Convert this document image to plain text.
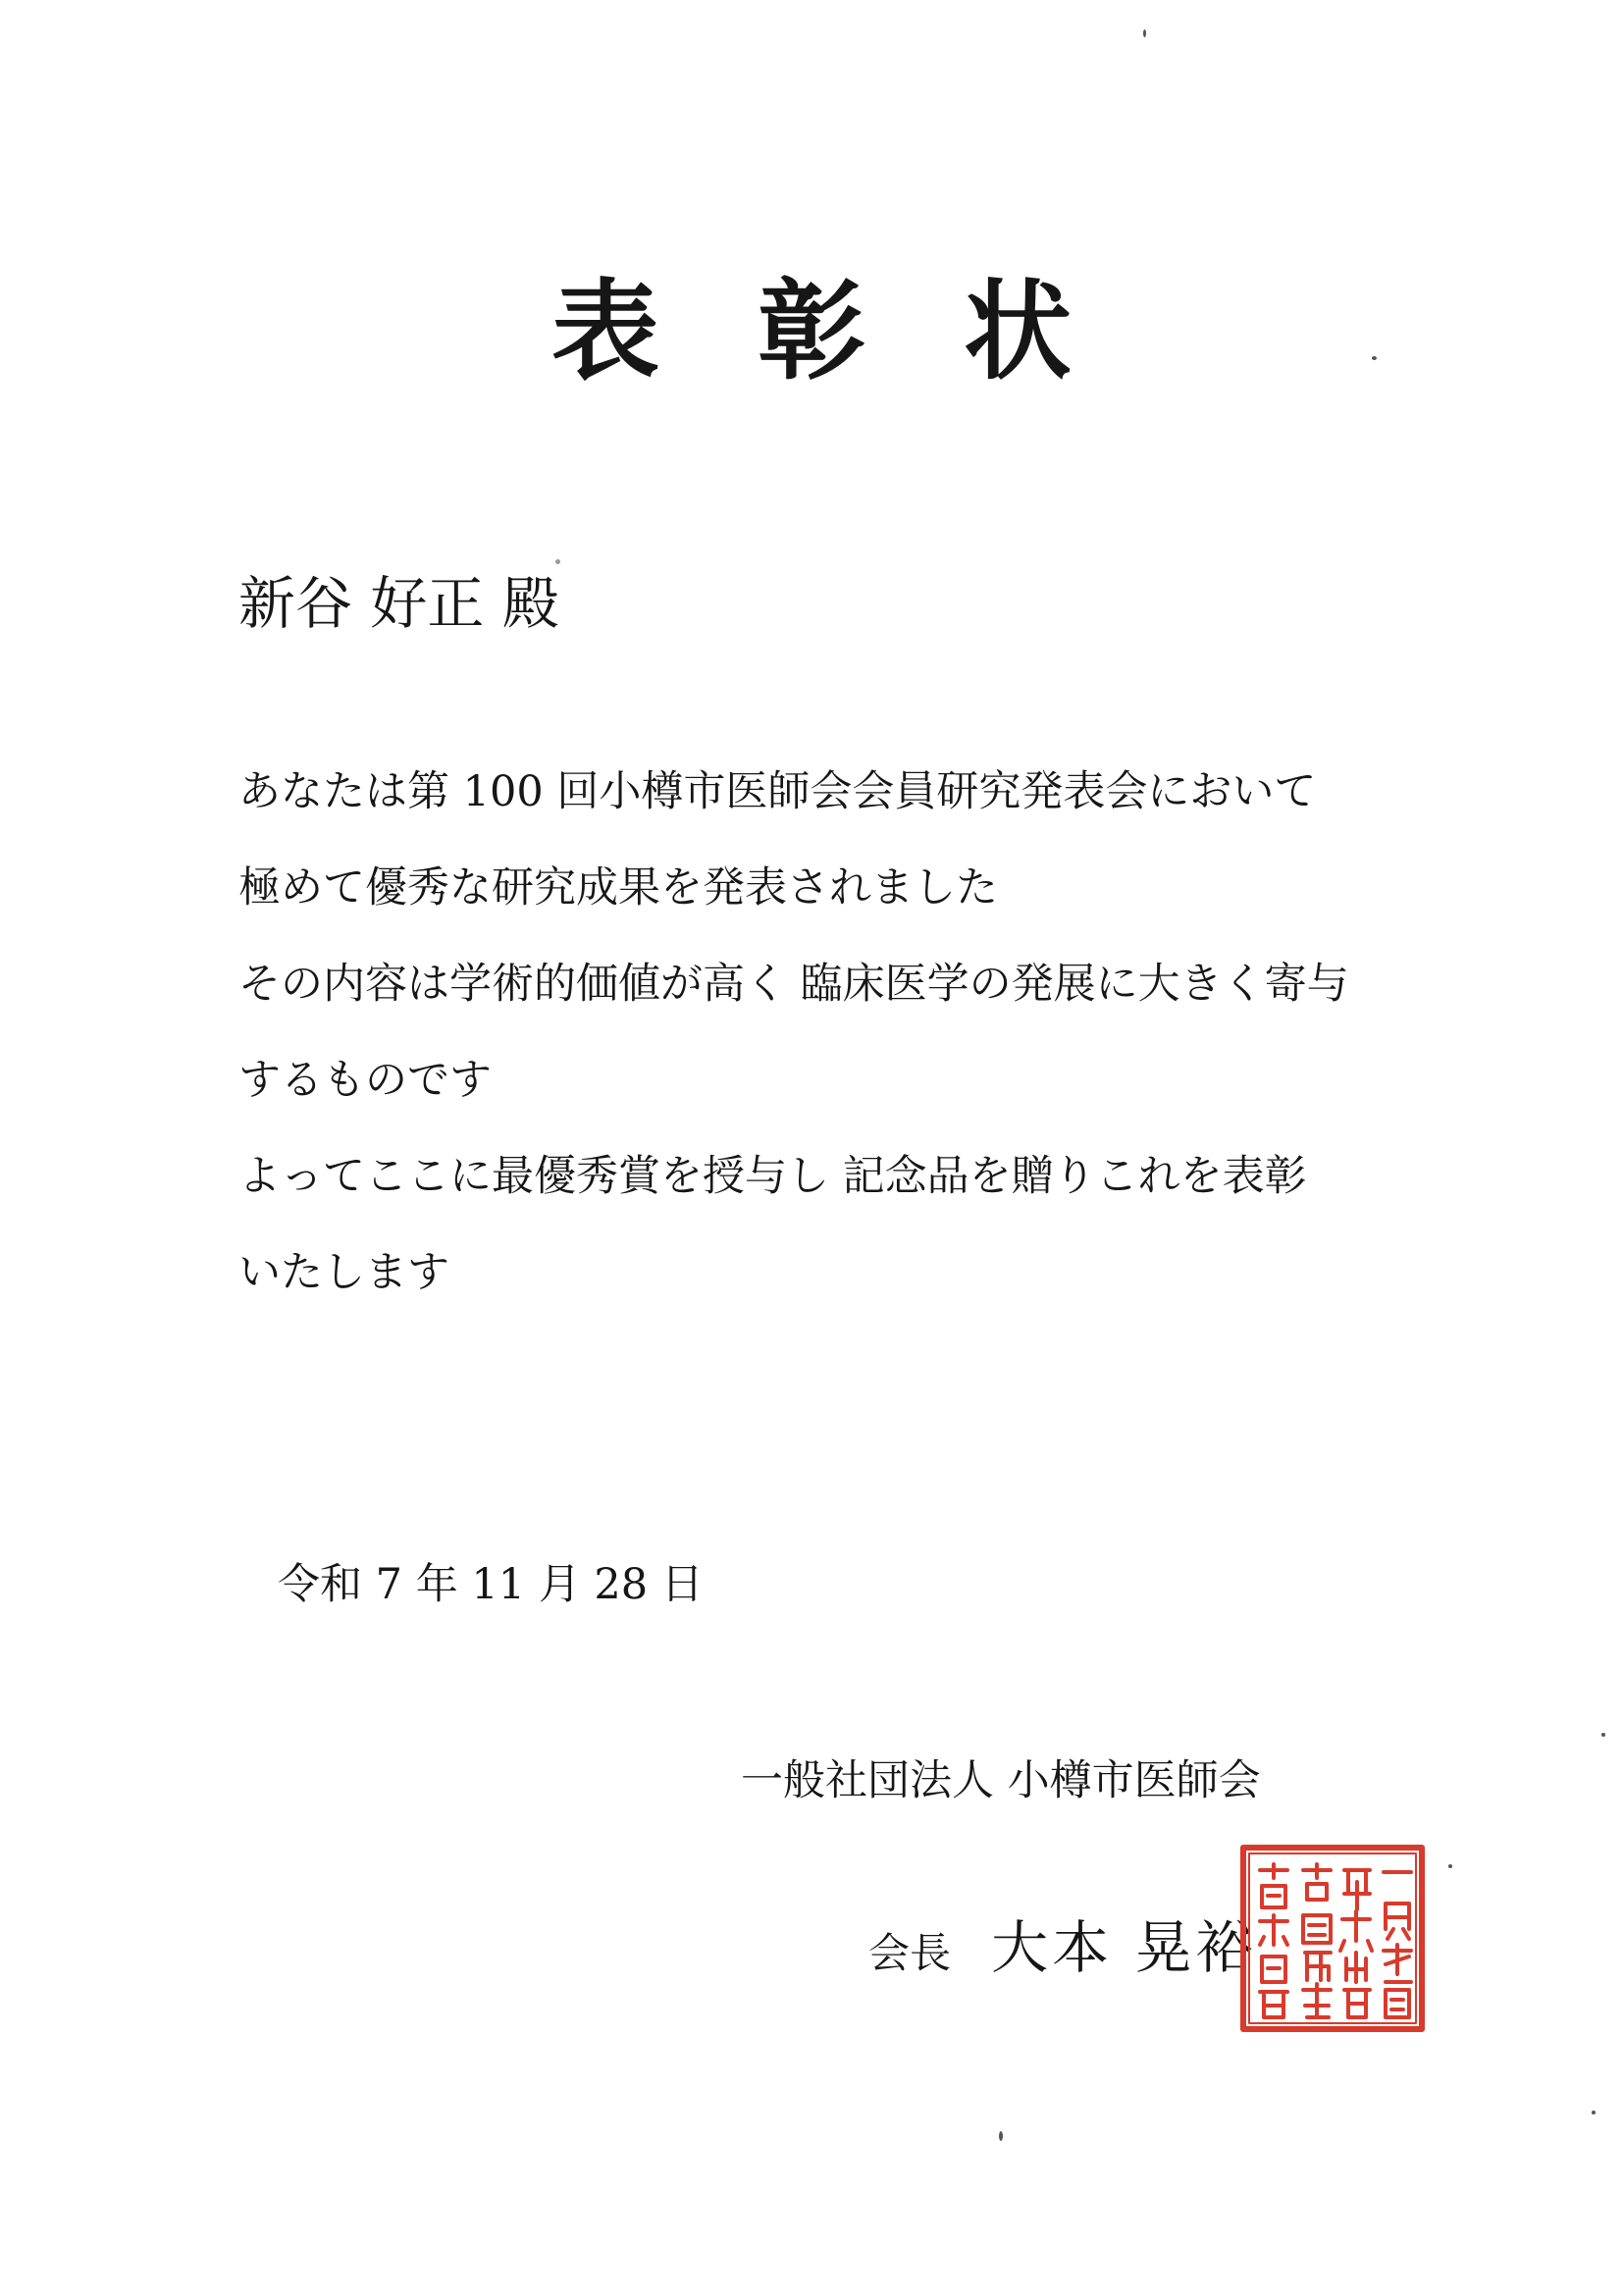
表彰状

新谷 好正 殿

あなたは第 100 回小樽市医師会会員研究発表会において
極めて優秀な研究成果を発表されました
その内容は学術的価値が高く 臨床医学の発展に大きく寄与
するものです
よってここに最優秀賞を授与し 記念品を贈りこれを表彰
いたします

令和 7 年 11 月 28 日

一般社団法人 小樽市医師会

会長 大本 晃裕
